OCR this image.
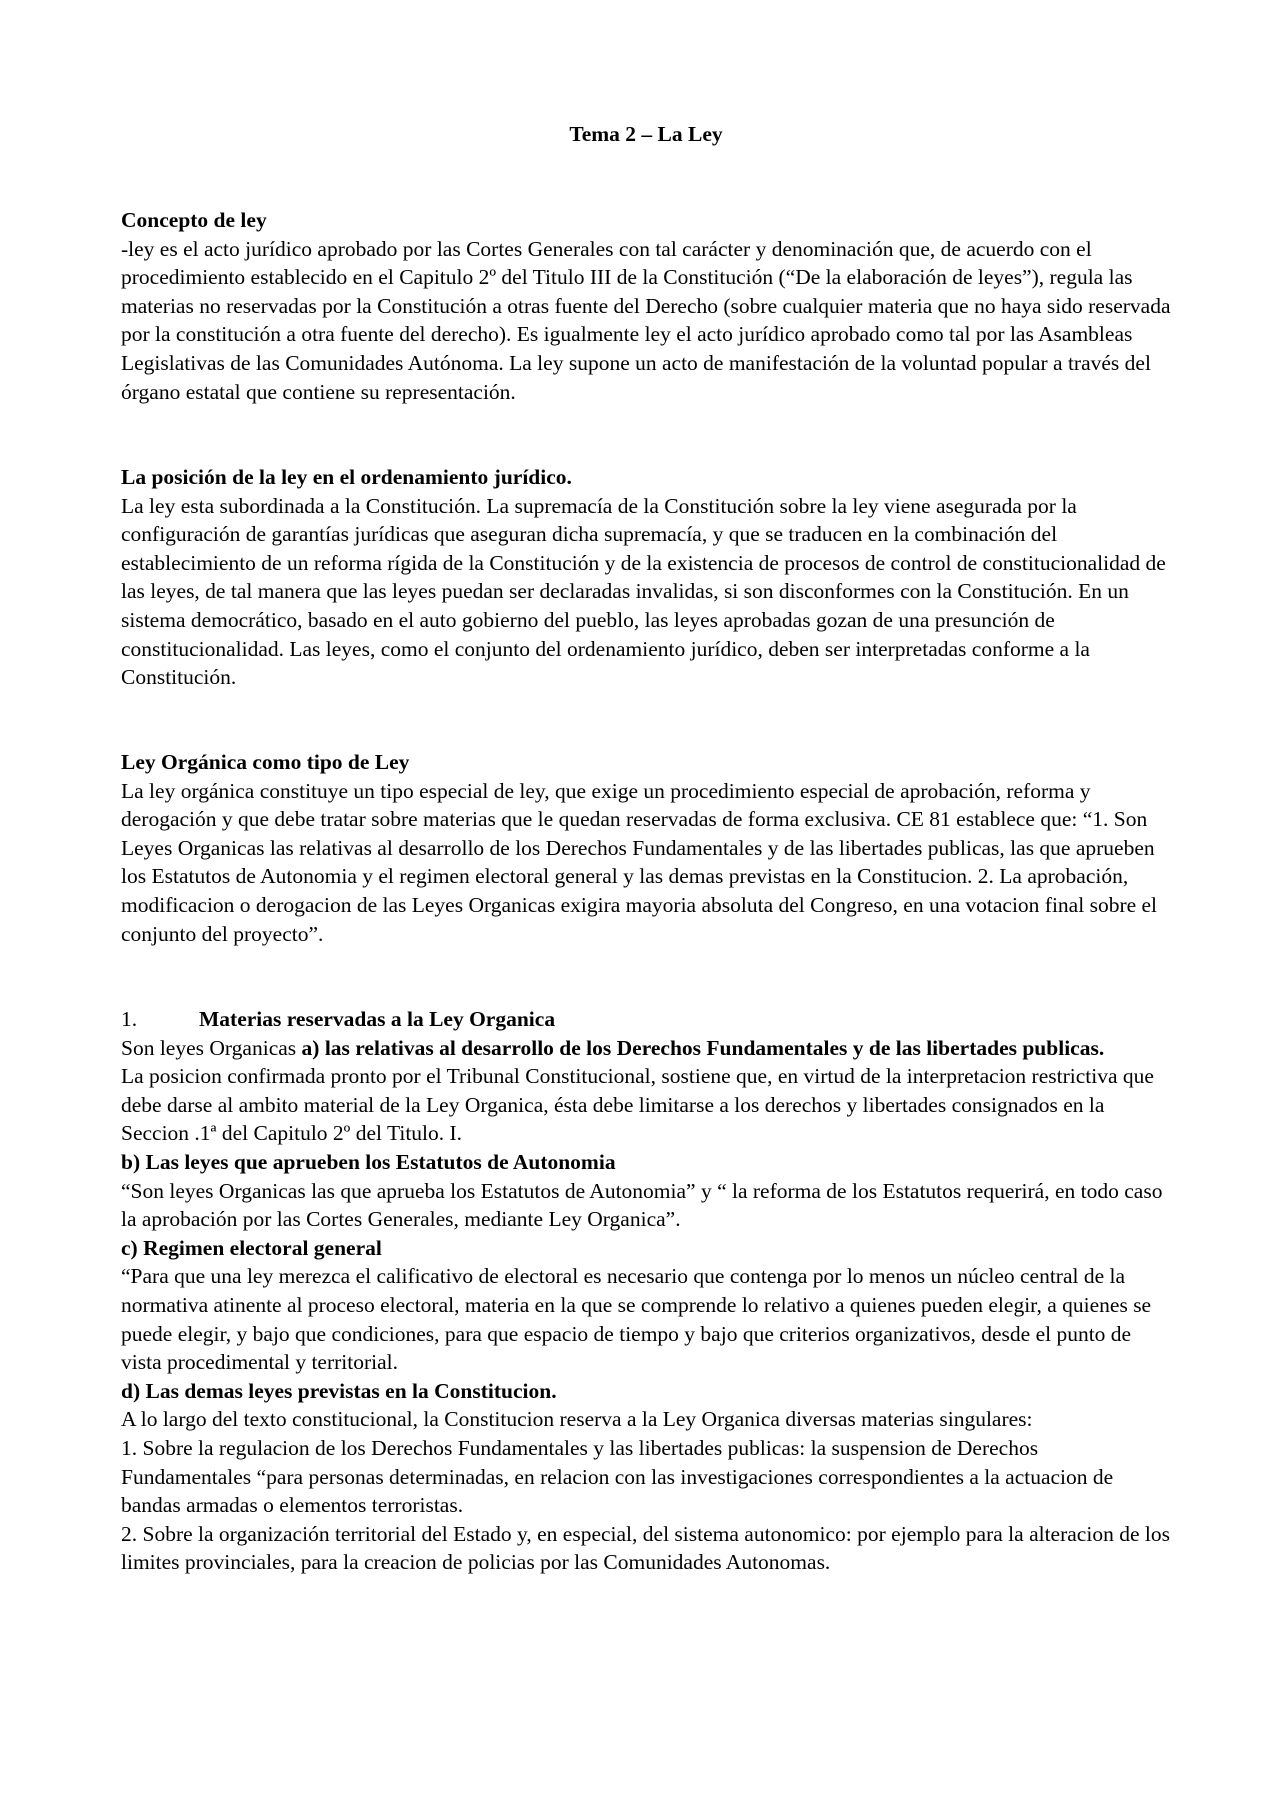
Tema 2 – La Ley

Concepto de ley

-ley es el acto jurídico aprobado por las Cortes Generales con tal carácter y denominación que, de acuerdo con el procedimiento establecido en el Capitulo 2º del Titulo III de la Constitución (“De la elaboración de leyes”), regula las materias no reservadas por la Constitución a otras fuente del Derecho (sobre cualquier materia que no haya sido reservada por la constitución a otra fuente del derecho). Es igualmente ley el acto jurídico aprobado como tal por las Asambleas Legislativas de las Comunidades Autónoma. La ley supone un acto de manifestación de la voluntad popular a través del órgano estatal que contiene su representación.

La posición de la ley en el ordenamiento jurídico.

La ley esta subordinada a la Constitución. La supremacía de la Constitución sobre la ley viene asegurada por la configuración de garantías jurídicas que aseguran dicha supremacía, y que se traducen en la combinación del establecimiento de un reforma rígida de la Constitución y de la existencia de procesos de control de constitucionalidad de las leyes, de tal manera que las leyes puedan ser declaradas invalidas, si son disconformes con la Constitución. En un sistema democrático, basado en el auto gobierno del pueblo, las leyes aprobadas gozan de una presunción de constitucionalidad. Las leyes, como el conjunto del ordenamiento jurídico, deben ser interpretadas conforme a la Constitución.

Ley Orgánica como tipo de Ley

La ley orgánica constituye un tipo especial de ley, que exige un procedimiento especial de aprobación, reforma y derogación y que debe tratar sobre materias que le quedan reservadas de forma exclusiva. CE 81 establece que: “1. Son Leyes Organicas las relativas al desarrollo de los Derechos Fundamentales y de las libertades publicas, las que aprueben los Estatutos de Autonomia y el regimen electoral general y las demas previstas en la Constitucion. 2. La aprobación, modificacion o derogacion de las Leyes Organicas exigira mayoria absoluta del Congreso, en una votacion final sobre el conjunto del proyecto”.

1.	Materias reservadas a la Ley Organica

Son leyes Organicas a) las relativas al desarrollo de los Derechos Fundamentales y de las libertades publicas.

La posicion confirmada pronto por el Tribunal Constitucional, sostiene que, en virtud de la interpretacion restrictiva que debe darse al ambito material de la Ley Organica, ésta debe limitarse a los derechos y libertades consignados en la Seccion .1ª del Capitulo 2º del Titulo. I.

b) Las leyes que aprueben los Estatutos de Autonomia

“Son leyes Organicas las que aprueba los Estatutos de Autonomia” y “ la reforma de los Estatutos requerirá, en todo caso la aprobación por las Cortes Generales, mediante Ley Organica”.

c) Regimen electoral general

“Para que una ley merezca el calificativo de electoral es necesario que contenga por lo menos un núcleo central de la normativa atinente al proceso electoral, materia en la que se comprende lo relativo a quienes pueden elegir, a quienes se puede elegir, y bajo que condiciones, para que espacio de tiempo y bajo que criterios organizativos, desde el punto de vista procedimental y territorial.

d) Las demas leyes previstas en la Constitucion.

A lo largo del texto constitucional, la Constitucion reserva a la Ley Organica diversas materias singulares:

1. Sobre la regulacion de los Derechos Fundamentales y las libertades publicas: la suspension de Derechos Fundamentales “para personas determinadas, en relacion con las investigaciones correspondientes a la actuacion de bandas armadas o elementos terroristas.

2. Sobre la organización territorial del Estado y, en especial, del sistema autonomico: por ejemplo para la alteracion de los limites provinciales, para la creacion de policias por las Comunidades Autonomas.
